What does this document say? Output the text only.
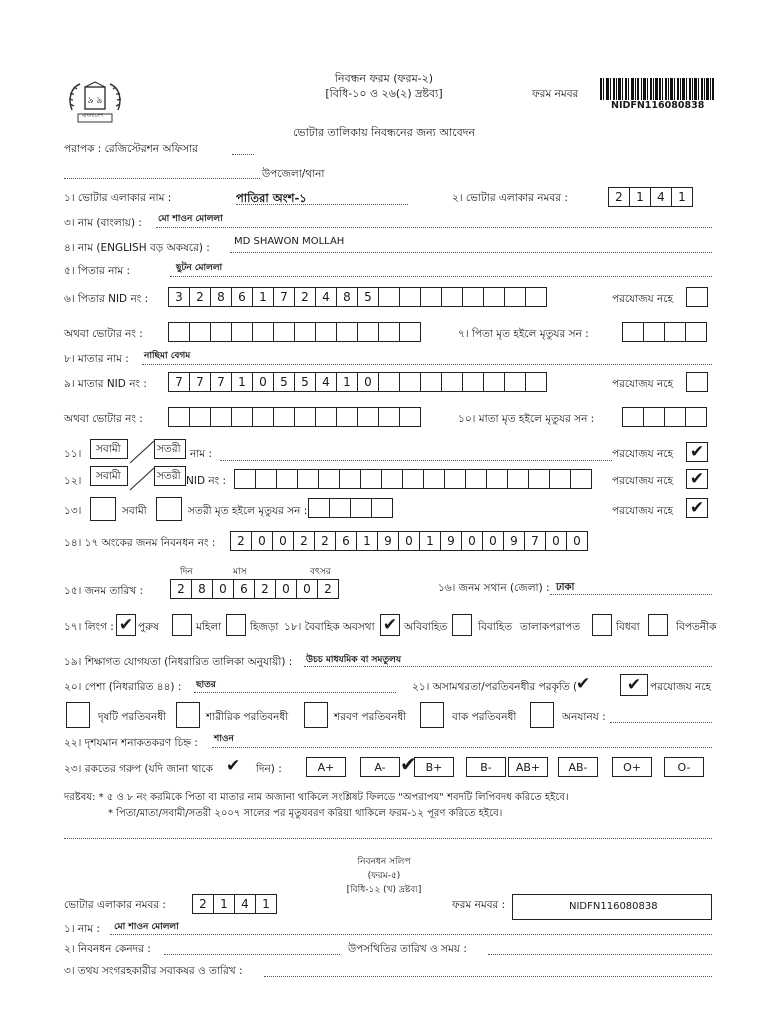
৯ ৯
বাংলাদেশ
নিবন্ধন ফরম (ফরম-২)
[বিধি-১০ ও ২৬(২) দ্রষ্টব্য]	ফরম নমবর
NIDFN116080838
ভোটার তালিকায় নিবন্ধনের জন্য আবেদন
পরাপক : রেজিস্টেরশন অফিসার
উপজেলা/থানা
১। ভোটার এলাকার নাম :	পাতিরা অংশ-১	২। ভোটার এলাকার নমবর :	2	1	4	1
৩। নাম (বাংলায়) : মো শাওন মোললা
৪। নাম (ENGLISH বড় অকষরে) :
MD SHAWON MOLLAH
৫। পিতার নাম :	ছুটন মোললা
৬। পিতার NID নং :	3	2	8	6	1	7	2	4	8	5	পরযোজয নহে
অথবা ভোটার নং :	৭। পিতা মৃত হইলে মৃতুযর সন :
৮। মাতার নাম : নাছিমা বেগম
৯। মাতার NID নং :	7	7	7	1	0	5	5	4	1	0	পরযোজয নহে
অথবা ভোটার নং :	১০। মাতা মৃত হইলে মৃতুযর সন :
১১। সবামী	সতরী নাম :	পরযোজয নহে ✔
১২। সবামী	সতরী NID নং :	পরযোজয নহে ✔
১৩।	সবামী	সতরী মৃত হইলে মৃতুযর সন :	পরযোজয নহে ✔
১৪। ১৭ অংকের জনম নিবনধন নং :	2	0	0	2	2	6	1	9	0	1	9	0	0	9	7	0	0
দিন	মাস	বৎসর
১৫। জনম তারিখ :	2	8	0	6	2	0	0	2	১৬। জনম সথান (জেলা) : ঢাকা
১৭। লিংগ : ✔ পুরুষ	মহিলা	হিজড়া ১৮। বৈবাহিক অবসথা ✔ অবিবাহিত	বিবাহিত তালাকপরাপত	বিধবা	বিপতনীক
১৯। শিক্ষাগত যোগযতা (নিধরারিত তালিকা অনুযায়ী) : উচচ মাধযমিক বা সমতুলয
২০। পেশা (নিধরারিত ৪৪) : ছাতর	২১। অসামথরতা/পরতিবনধীর পরকৃতি (
✔ ✔ পরযোজয নহে
দৃষটি পরতিবনধী	শারীরিক পরতিবনধী	শরবণ পরতিবনধী	বাক পরতিবনধী	অনযানয :
২২। দৃশযমান শনাকতকরণ চিহ্ন : শাওন
২৩। রকতের গরুপ (যদি জানা থাকে ✔ দিন) :
দরষ্টবয: * ৫ ও ৮ নং করমিকে পিতা বা মাতার নাম অজানা থাকিলে সংশ্লিষট ফিলডে "অপরাপয" শবদটি লিপিবদধ করিতে হইবে।
* পিতা/মাতা/সবামী/সতরী ২০০৭ সালের পর মৃতুযবরণ করিয়া থাকিলে ফরম-১২ পূরণ করিতে হইবে।
নিবনধন সলিপ
(ফরম-৫)
[বিধি-১২ (খ) দ্রষ্টব্য]
ভোটার এলাকার নমবর :	2	1	4	1	ফরম নমবর :	NIDFN116080838
১। নাম : মো শাওন মোললা
২। নিবনধন কেনদর :	উপসথিতির তারিখ ও সময় :
৩। তথয সংগরহকারীর সবাকষর ও তারিখ :
A+	A-	B+	B- AB+	AB-	O+	O-
✔
